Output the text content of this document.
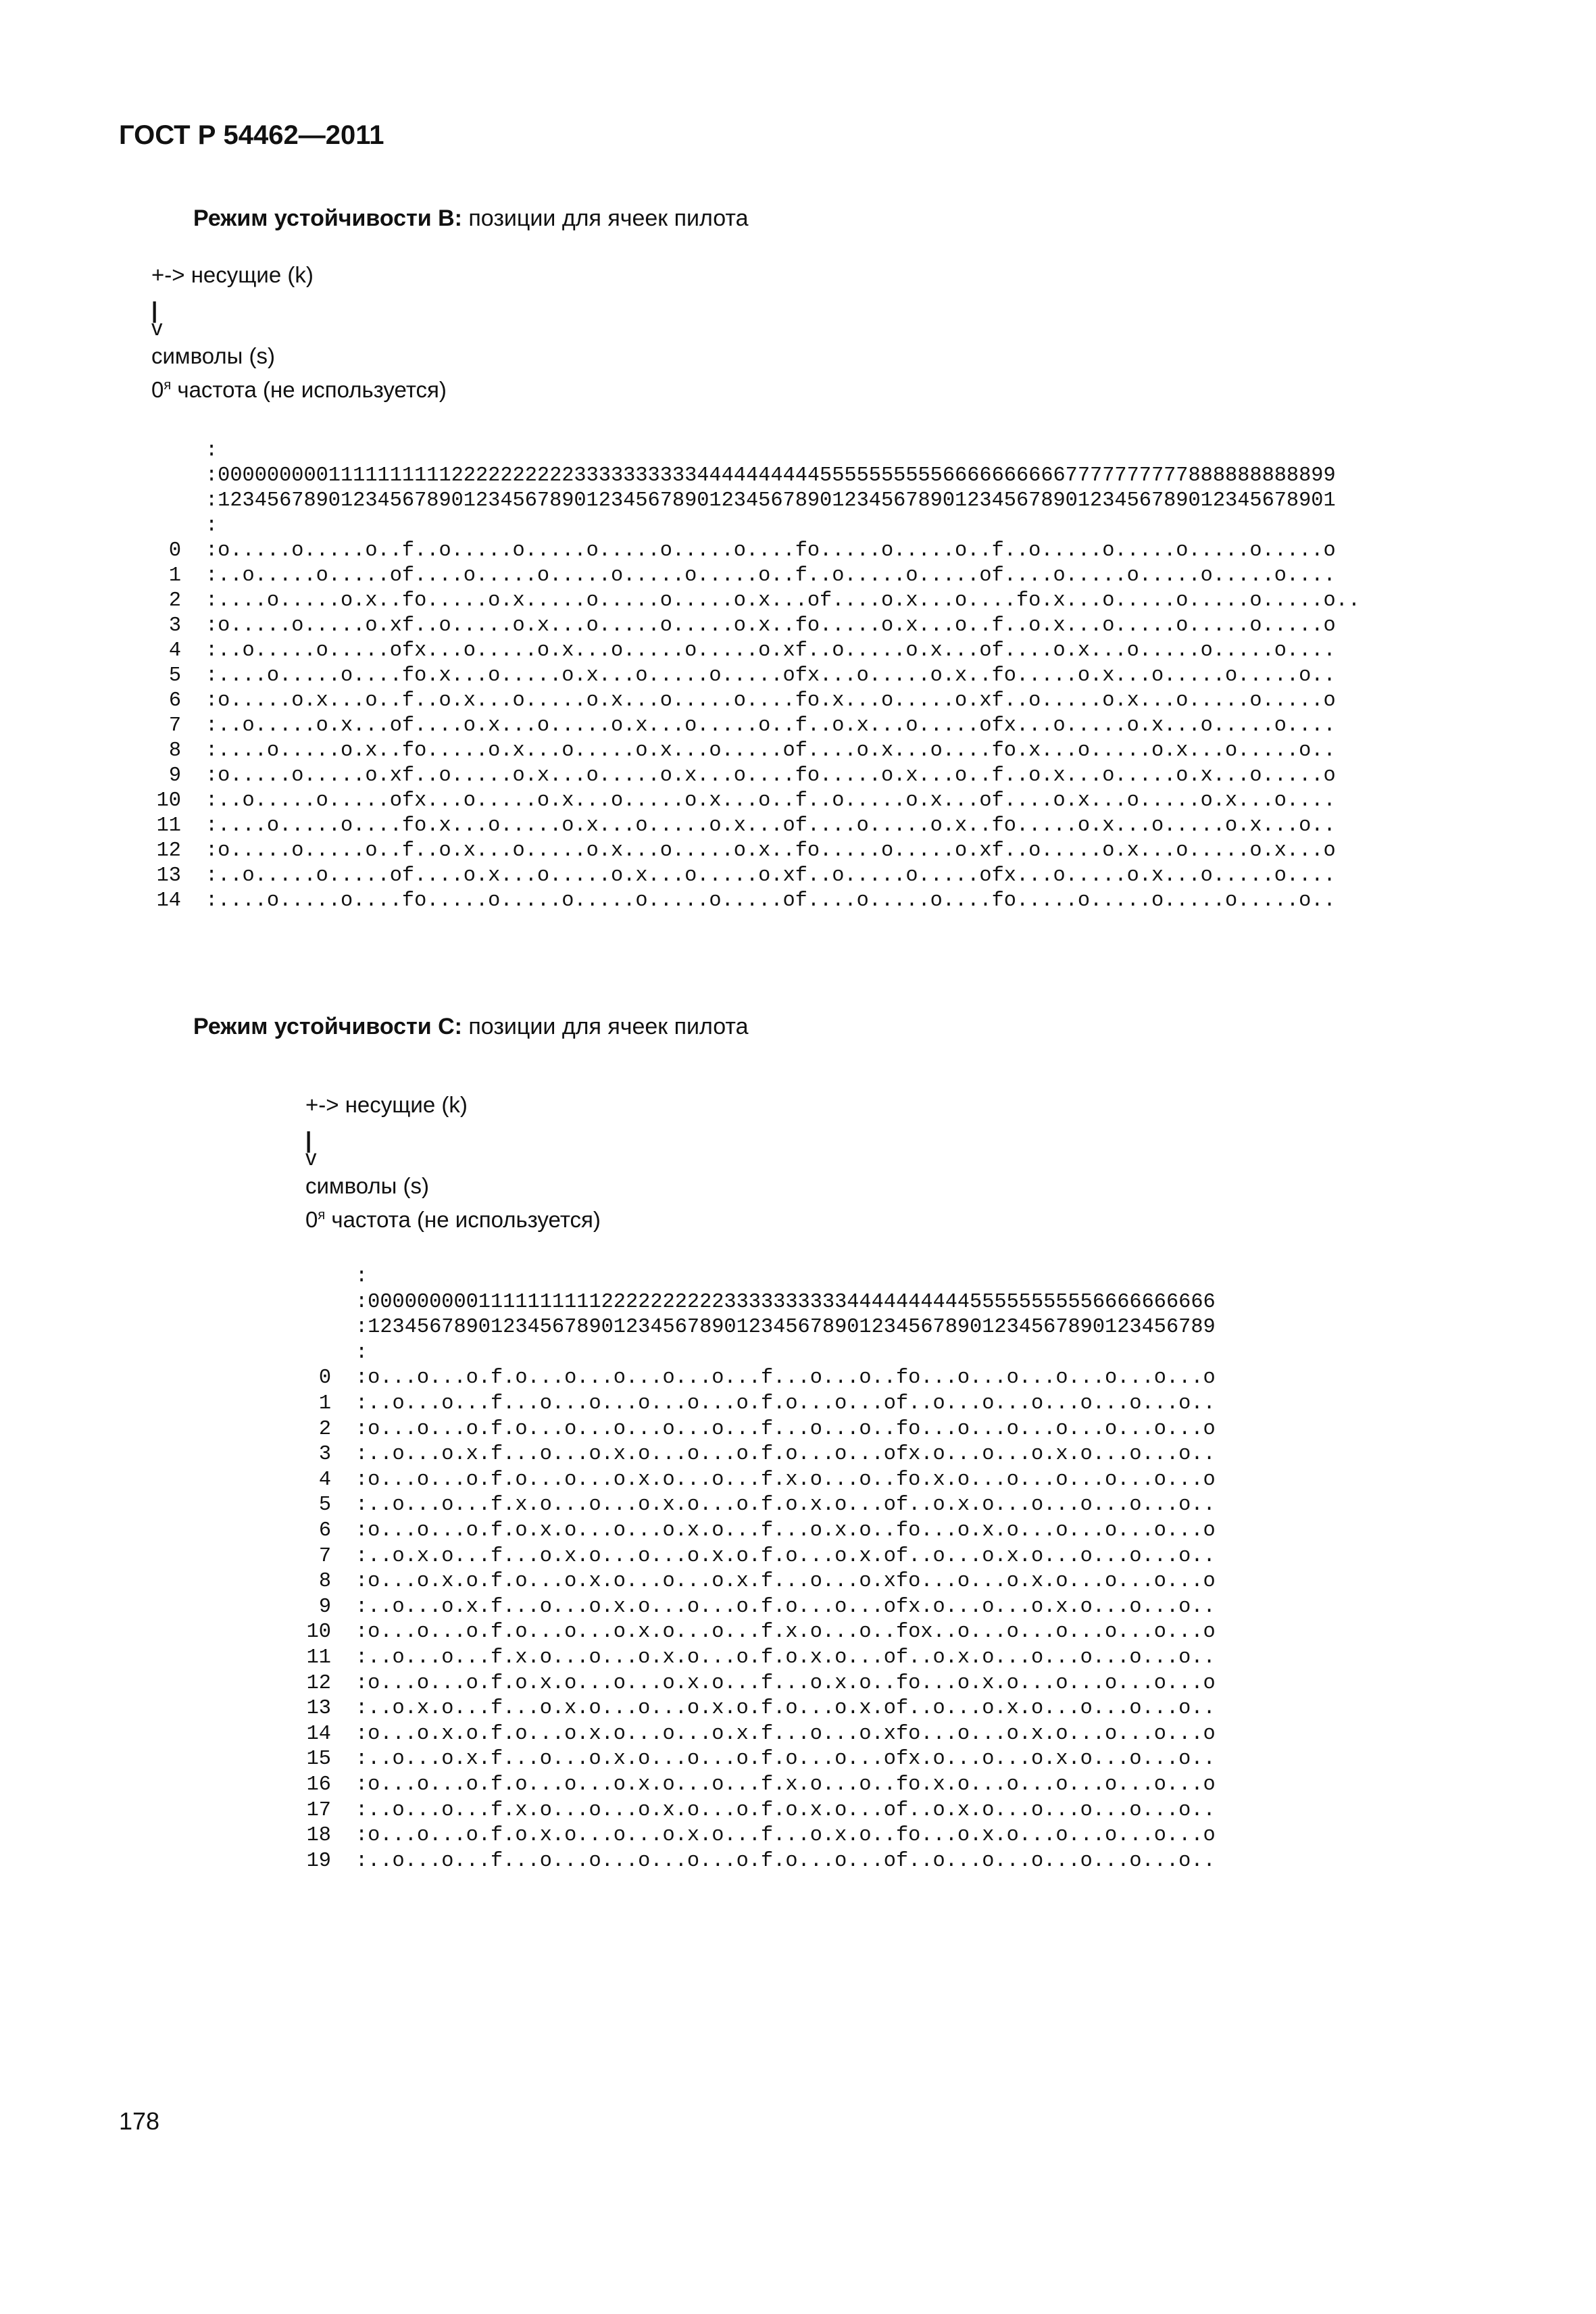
ГОСТ Р 54462—2011
Режим устойчивости B: позиции для ячеек пилота
+-> несущие (k)
|
v
символы (s)
$0^я$ частота (не используется)
:
:0000000001111111111222222222233333333334444444444555555555566666666667777777777888888888899
:1234567890123456789012345678901234567890123456789012345678901234567890123456789012345678901
:
0 :o.....o.....o..f..o.....o.....o.....o.....o....fo.....o.....o..f..o.....o.....o.....o.....o
1 :..o.....o.....of....o.....o.....o.....o.....o..f..o.....o.....of....o.....o.....o.....o....
2 :....o.....o.x..fo.....o.x.....o.....o.....o.x...of....o.x...o....fo.x...o.....o.....o.....o..
3 :o.....o.....o.xf..o.....o.x...o.....o.....o.x..fo.....o.x...o..f..o.x...o.....o.....o.....o
4 :..o.....o.....ofx...o.....o.x...o.....o.....o.xf..o.....o.x...of....o.x...o.....o.....o....
5 :....o.....o....fo.x...o.....o.x...o.....o.....ofx...o.....o.x..fo.....o.x...o.....o.....o..
6 :o.....o.x...o..f..o.x...o.....o.x...o.....o....fo.x...o.....o.xf..o.....o.x...o.....o.....o
7 :..o.....o.x...of....o.x...o.....o.x...o.....o..f..o.x...o.....ofx...o.....o.x...o.....o....
8 :....o.....o.x..fo.....o.x...o.....o.x...o.....of....o.x...o....fo.x...o.....o.x...o.....o..
9 :o.....o.....o.xf..o.....o.x...o.....o.x...o....fo.....o.x...o..f..o.x...o.....o.x...o.....o
10 :..o.....o.....ofx...o.....o.x...o.....o.x...o..f..o.....o.x...of....o.x...o.....o.x...o....
11 :....o.....o....fo.x...o.....o.x...o.....o.x...of....o.....o.x..fo.....o.x...o.....o.x...o..
12 :o.....o.....o..f..o.x...o.....o.x...o.....o.x..fo.....o.....o.xf..o.....o.x...o.....o.x...o
13 :..o.....o.....of....o.x...o.....o.x...o.....o.xf..o.....o.....ofx...o.....o.x...o.....o....
14 :....o.....o....fo.....o.....o.....o.....o.....of....o.....o....fo.....o.....o.....o.....o..
Режим устойчивости C: позиции для ячеек пилота
+-> несущие (k)
|
v
символы (s)
$0^я$ частота (не используется)
:
:000000000111111111122222222223333333333444444444455555555556666666666
:123456789012345678901234567890123456789012345678901234567890123456789
:
0 :o...o...o.f.o...o...o...o...o...f...o...o..fo...o...o...o...o...o...o
1 :..o...o...f...o...o...o...o...o.f.o...o...of..o...o...o...o...o...o..
2 :o...o...o.f.o...o...o...o...o...f...o...o..fo...o...o...o...o...o...o
3 :..o...o.x.f...o...o.x.o...o...o.f.o...o...ofx.o...o...o.x.o...o...o..
4 :o...o...o.f.o...o...o.x.o...o...f.x.o...o..fo.x.o...o...o...o...o...o
5 :..o...o...f.x.o...o...o.x.o...o.f.o.x.o...of..o.x.o...o...o...o...o..
6 :o...o...o.f.o.x.o...o...o.x.o...f...o.x.o..fo...o.x.o...o...o...o...o
7 :..o.x.o...f...o.x.o...o...o.x.o.f.o...o.x.of..o...o.x.o...o...o...o..
8 :o...o.x.o.f.o...o.x.o...o...o.x.f...o...o.xfo...o...o.x.o...o...o...o
9 :..o...o.x.f...o...o.x.o...o...o.f.o...o...ofx.o...o...o.x.o...o...o..
10 :o...o...o.f.o...o...o.x.o...o...f.x.o...o..fox..o...o...o...o...o...o
11 :..o...o...f.x.o...o...o.x.o...o.f.o.x.o...of..o.x.o...o...o...o...o..
12 :o...o...o.f.o.x.o...o...o.x.o...f...o.x.o..fo...o.x.o...o...o...o...o
13 :..o.x.o...f...o.x.o...o...o.x.o.f.o...o.x.of..o...o.x.o...o...o...o..
14 :o...o.x.o.f.o...o.x.o...o...o.x.f...o...o.xfo...o...o.x.o...o...o...o
15 :..o...o.x.f...o...o.x.o...o...o.f.o...o...ofx.o...o...o.x.o...o...o..
16 :o...o...o.f.o...o...o.x.o...o...f.x.o...o..fo.x.o...o...o...o...o...o
17 :..o...o...f.x.o...o...o.x.o...o.f.o.x.o...of..o.x.o...o...o...o...o..
18 :o...o...o.f.o.x.o...o...o.x.o...f...o.x.o..fo...o.x.o...o...o...o...o
19 :..o...o...f...o...o...o...o...o.f.o...o...of..o...o...o...o...o...o..
178
